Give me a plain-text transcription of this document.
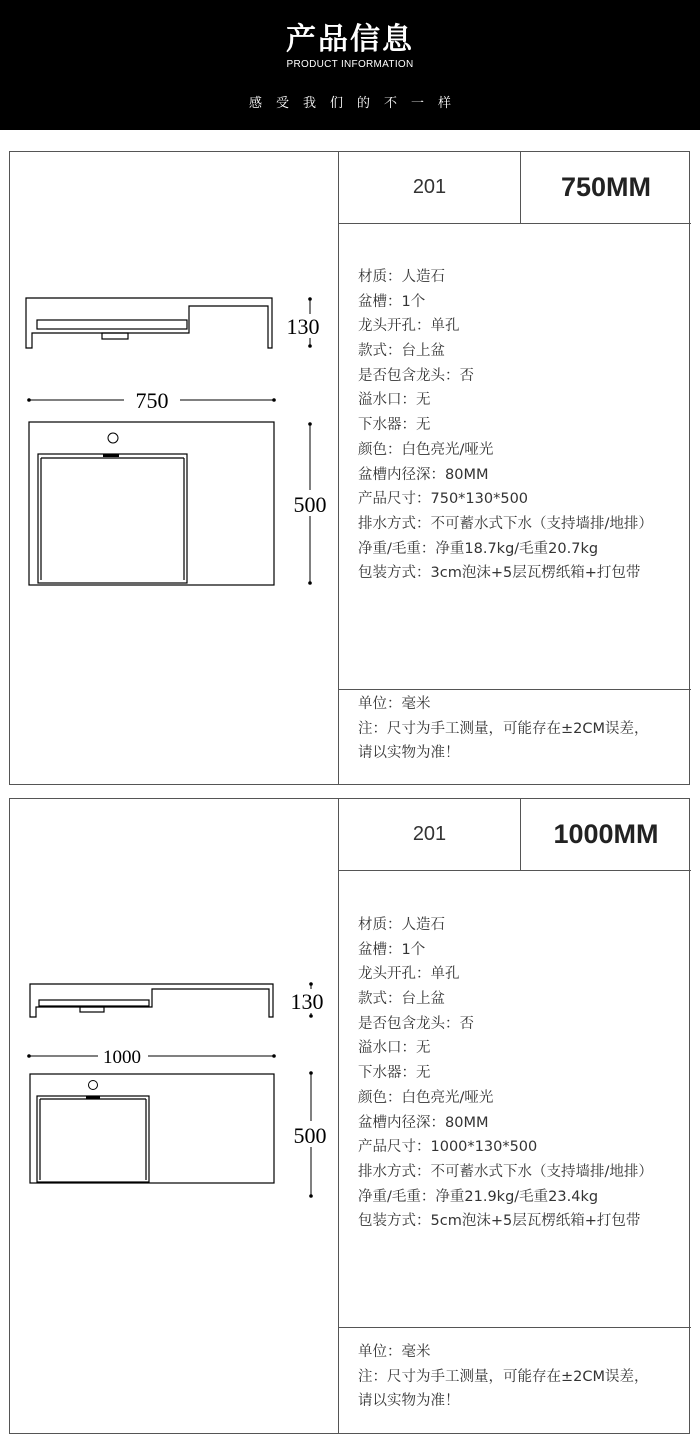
产品信息
PRODUCT INFORMATION
感受我们的不一样
130
750
500
201	750MM
材质：人造石
盆槽：1个
龙头开孔：单孔
款式：台上盆
是否包含龙头：否
溢水口：无
下水器：无
颜色：白色亮光/哑光
盆槽内径深：80MM
产品尺寸：750*130*500
排水方式：不可蓄水式下水（支持墙排/地排）
净重/毛重：净重18.7kg/毛重20.7kg
包装方式：3cm泡沫+5层瓦楞纸箱+打包带

单位：毫米

注：尺寸为手工测量，可能存在±2CM误差，

请以实物为准！

130
1000
500
201	1000MM
材质：人造石
盆槽：1个
龙头开孔：单孔
款式：台上盆
是否包含龙头：否
溢水口：无
下水器：无
颜色：白色亮光/哑光
盆槽内径深：80MM
产品尺寸：1000*130*500
排水方式：不可蓄水式下水（支持墙排/地排）
净重/毛重：净重21.9kg/毛重23.4kg
包装方式：5cm泡沫+5层瓦楞纸箱+打包带

单位：毫米

注：尺寸为手工测量，可能存在±2CM误差，

请以实物为准！
